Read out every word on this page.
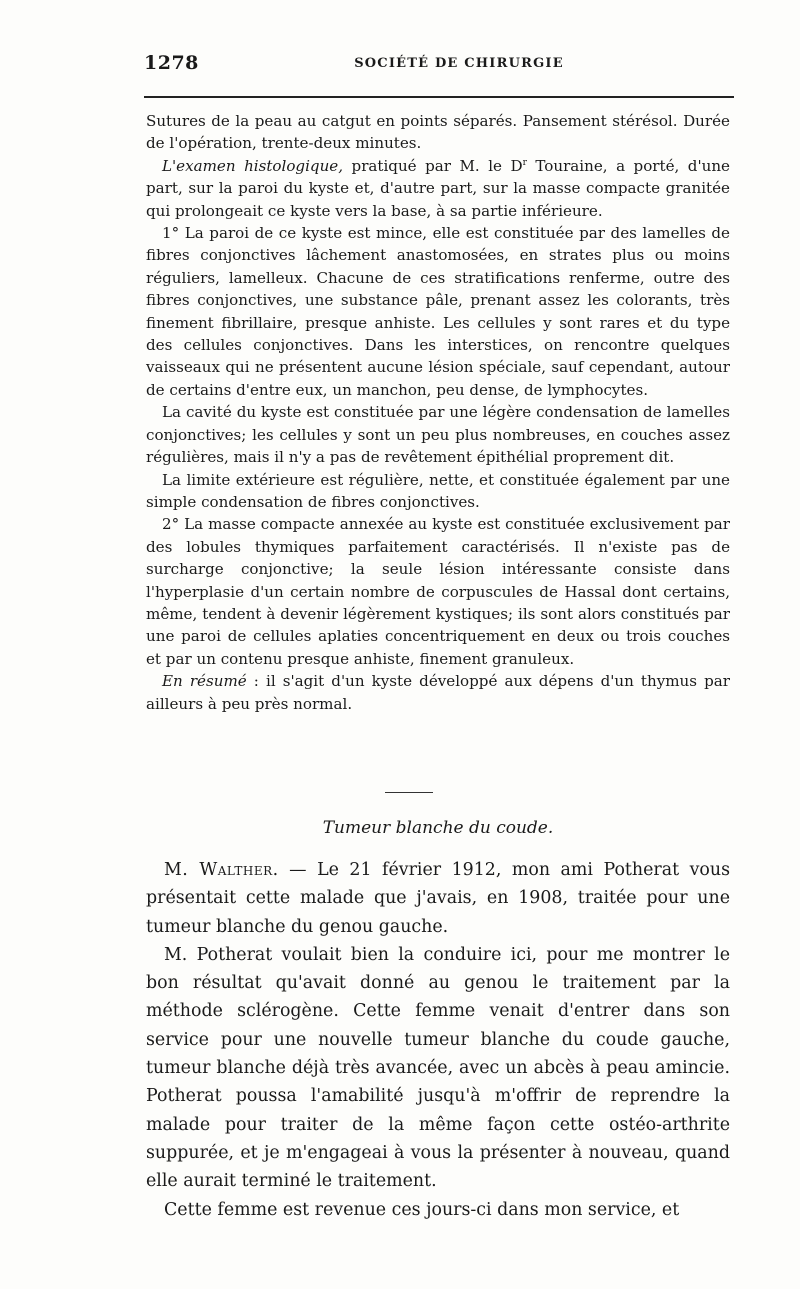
1278	SOCIÉTÉ DE CHIRURGIE

Sutures de la peau au catgut en points séparés. Pansement stérésol. Durée de l'opération, trente-deux minutes.

L'examen histologique, pratiqué par M. le $D^r$ Touraine, a porté, d'une part, sur la paroi du kyste et, d'autre part, sur la masse compacte granitée qui prolongeait ce kyste vers la base, à sa partie inférieure.

1° La paroi de ce kyste est mince, elle est constituée par des lamelles de fibres conjonctives lâchement anastomosées, en strates plus ou moins réguliers, lamelleux. Chacune de ces stratifications renferme, outre des fibres conjonctives, une substance pâle, prenant assez les colorants, très finement fibrillaire, presque anhiste. Les cellules y sont rares et du type des cellules conjonctives. Dans les interstices, on rencontre quelques vaisseaux qui ne présentent aucune lésion spéciale, sauf cependant, autour de certains d'entre eux, un manchon, peu dense, de lymphocytes.

La cavité du kyste est constituée par une légère condensation de lamelles conjonctives; les cellules y sont un peu plus nombreuses, en couches assez régulières, mais il n'y a pas de revêtement épithélial proprement dit.

La limite extérieure est régulière, nette, et constituée également par une simple condensation de fibres conjonctives.

2° La masse compacte annexée au kyste est constituée exclusivement par des lobules thymiques parfaitement caractérisés. Il n'existe pas de surcharge conjonctive; la seule lésion intéressante consiste dans l'hyperplasie d'un certain nombre de corpuscules de Hassal dont certains, même, tendent à devenir légèrement kystiques; ils sont alors constitués par une paroi de cellules aplaties concentriquement en deux ou trois couches et par un contenu presque anhiste, finement granuleux.

En résumé : il s'agit d'un kyste développé aux dépens d'un thymus par ailleurs à peu près normal.

Tumeur blanche du coude.

M. Walther. — Le 21 février 1912, mon ami Potherat vous présentait cette malade que j'avais, en 1908, traitée pour une tumeur blanche du genou gauche.

M. Potherat voulait bien la conduire ici, pour me montrer le bon résultat qu'avait donné au genou le traitement par la méthode sclérogène. Cette femme venait d'entrer dans son service pour une nouvelle tumeur blanche du coude gauche, tumeur blanche déjà très avancée, avec un abcès à peau amincie. Potherat poussa l'amabilité jusqu'à m'offrir de reprendre la malade pour traiter de la même façon cette ostéo-arthrite suppurée, et je m'engageai à vous la présenter à nouveau, quand elle aurait terminé le traitement.

Cette femme est revenue ces jours-ci dans mon service, et
